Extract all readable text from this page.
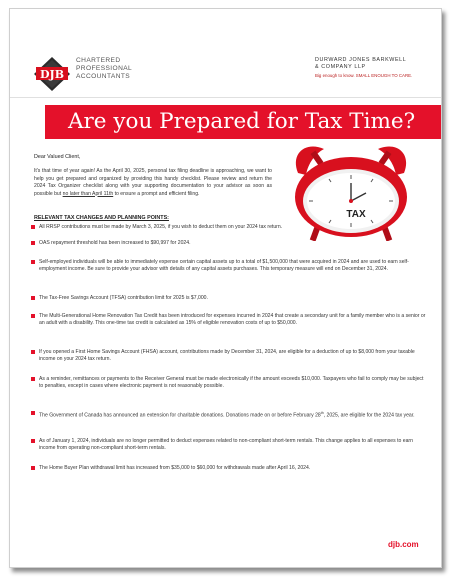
DJB
CHARTERED
PROFESSIONAL
ACCOUNTANTS
DURWARD JONES BARKWELL
& COMPANY LLP
Big enough to know. SMALL ENOUGH TO CARE.
Are you Prepared for Tax Time?
Dear Valued Client,
It's that time of year again! As the April 30, 2025, personal tax filing deadline is approaching, we want to help you get prepared and organized by providing this handy checklist. Please review and return the 2024 Tax Organizer checklist along with your supporting documentation to your advisor as soon as possible but no later than April 11th to ensure a prompt and efficient filing.
TAX
RELEVANT TAX CHANGES AND PLANNING POINTS:
All RRSP contributions must be made by March 3, 2025, if you wish to deduct them on your 2024 tax return.
OAS repayment threshold has been increased to $90,997 for 2024.
Self-employed individuals will be able to immediately expense certain capital assets up to a total of $1,500,000 that were acquired in 2024 and are used to earn self-employment income. Be sure to provide your advisor with details of any capital assets purchases. This temporary measure will end on December 31, 2024.
The Tax-Free Savings Account (TFSA) contribution limit for 2025 is $7,000.
The Multi-Generational Home Renovation Tax Credit has been introduced for expenses incurred in 2024 that create a secondary unit for a family member who is a senior or an adult with a disability. This one-time tax credit is calculated as 15% of eligible renovation costs of up to $50,000.
If you opened a First Home Savings Account (FHSA) account, contributions made by December 31, 2024, are eligible for a deduction of up to $8,000 from your taxable income on your 2024 tax return.
As a reminder, remittances or payments to the Receiver General must be made electronically if the amount exceeds $10,000. Taxpayers who fail to comply may be subject to penalties, except in cases where electronic payment is not reasonably possible.
The Government of Canada has announced an extension for charitable donations. Donations made on or before February 28th, 2025, are eligible for the 2024 tax year.
As of January 1, 2024, individuals are no longer permitted to deduct expenses related to non-compliant short-term rentals. This change applies to all expenses to earn income from operating non-compliant short-term rentals.
The Home Buyer Plan withdrawal limit has increased from $35,000 to $60,000 for withdrawals made after April 16, 2024.
djb.com
